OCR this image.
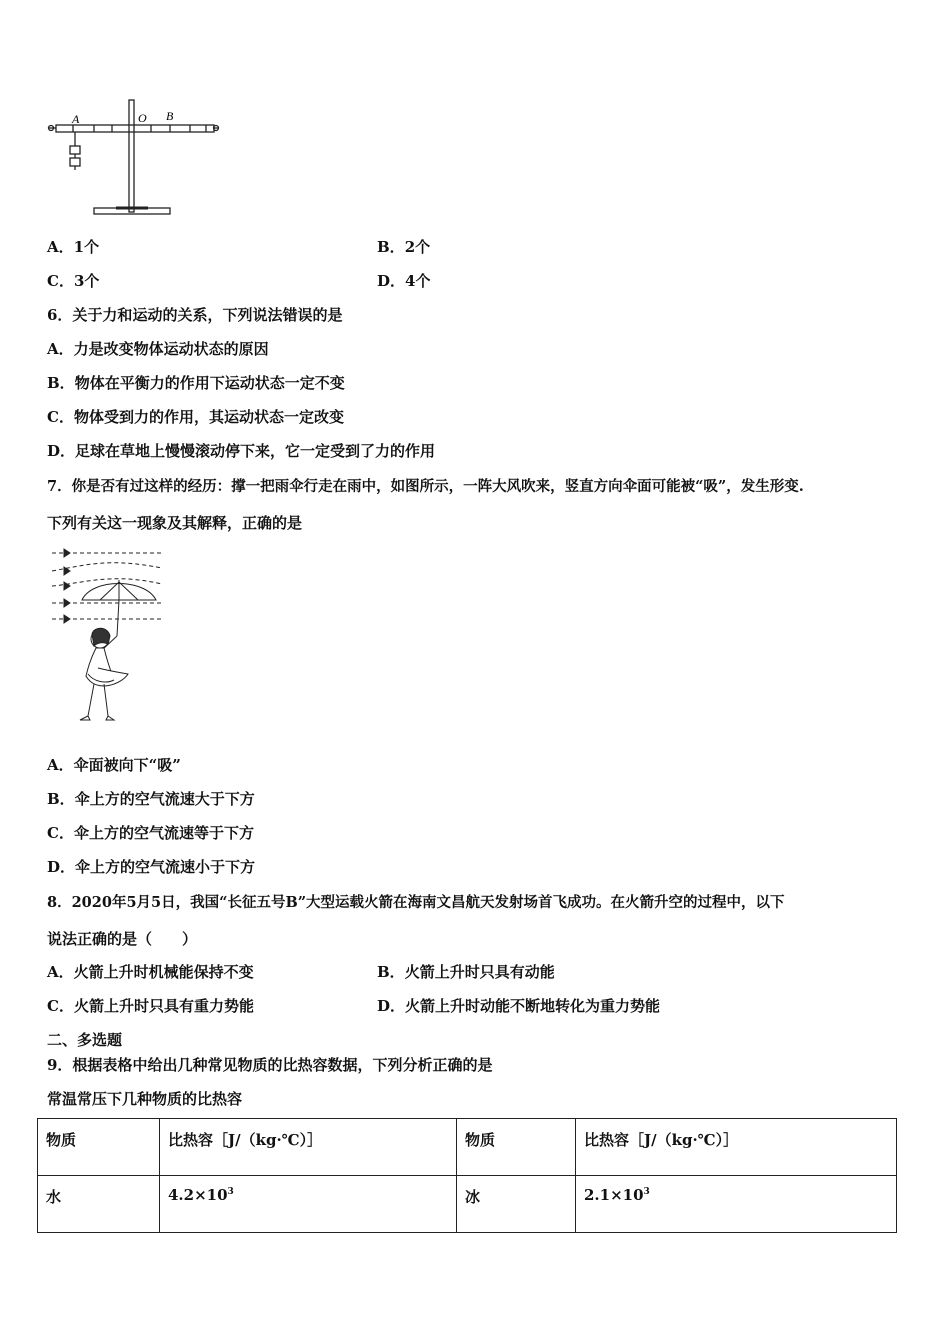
A	O B
A．1个	B．2个
C．3个	D．4个
6．关于力和运动的关系，下列说法错误的是
A．力是改变物体运动状态的原因
B．物体在平衡力的作用下运动状态一定不变
C．物体受到力的作用，其运动状态一定改变
D．足球在草地上慢慢滚动停下来，它一定受到了力的作用
7．你是否有过这样的经历：撑一把雨伞行走在雨中，如图所示，一阵大风吹来，竖直方向伞面可能被“吸”，发生形变.
下列有关这一现象及其解释，正确的是
A．伞面被向下“吸”
B．伞上方的空气流速大于下方
C．伞上方的空气流速等于下方
D．伞上方的空气流速小于下方
8．2020年5月5日，我国“长征五号B”大型运载火箭在海南文昌航天发射场首飞成功。在火箭升空的过程中，以下
说法正确的是（　　）
A．火箭上升时机械能保持不变	B．火箭上升时只具有动能
C．火箭上升时只具有重力势能	D．火箭上升时动能不断地转化为重力势能
二、多选题
9．根据表格中给出几种常见物质的比热容数据，下列分析正确的是
常温常压下几种物质的比热容
物质	比热容［J/（kg·℃）］	物质	比热容［J/（kg·℃）］
水	$4.2\times 10^3$	冰	$2.1\times 10^3$
